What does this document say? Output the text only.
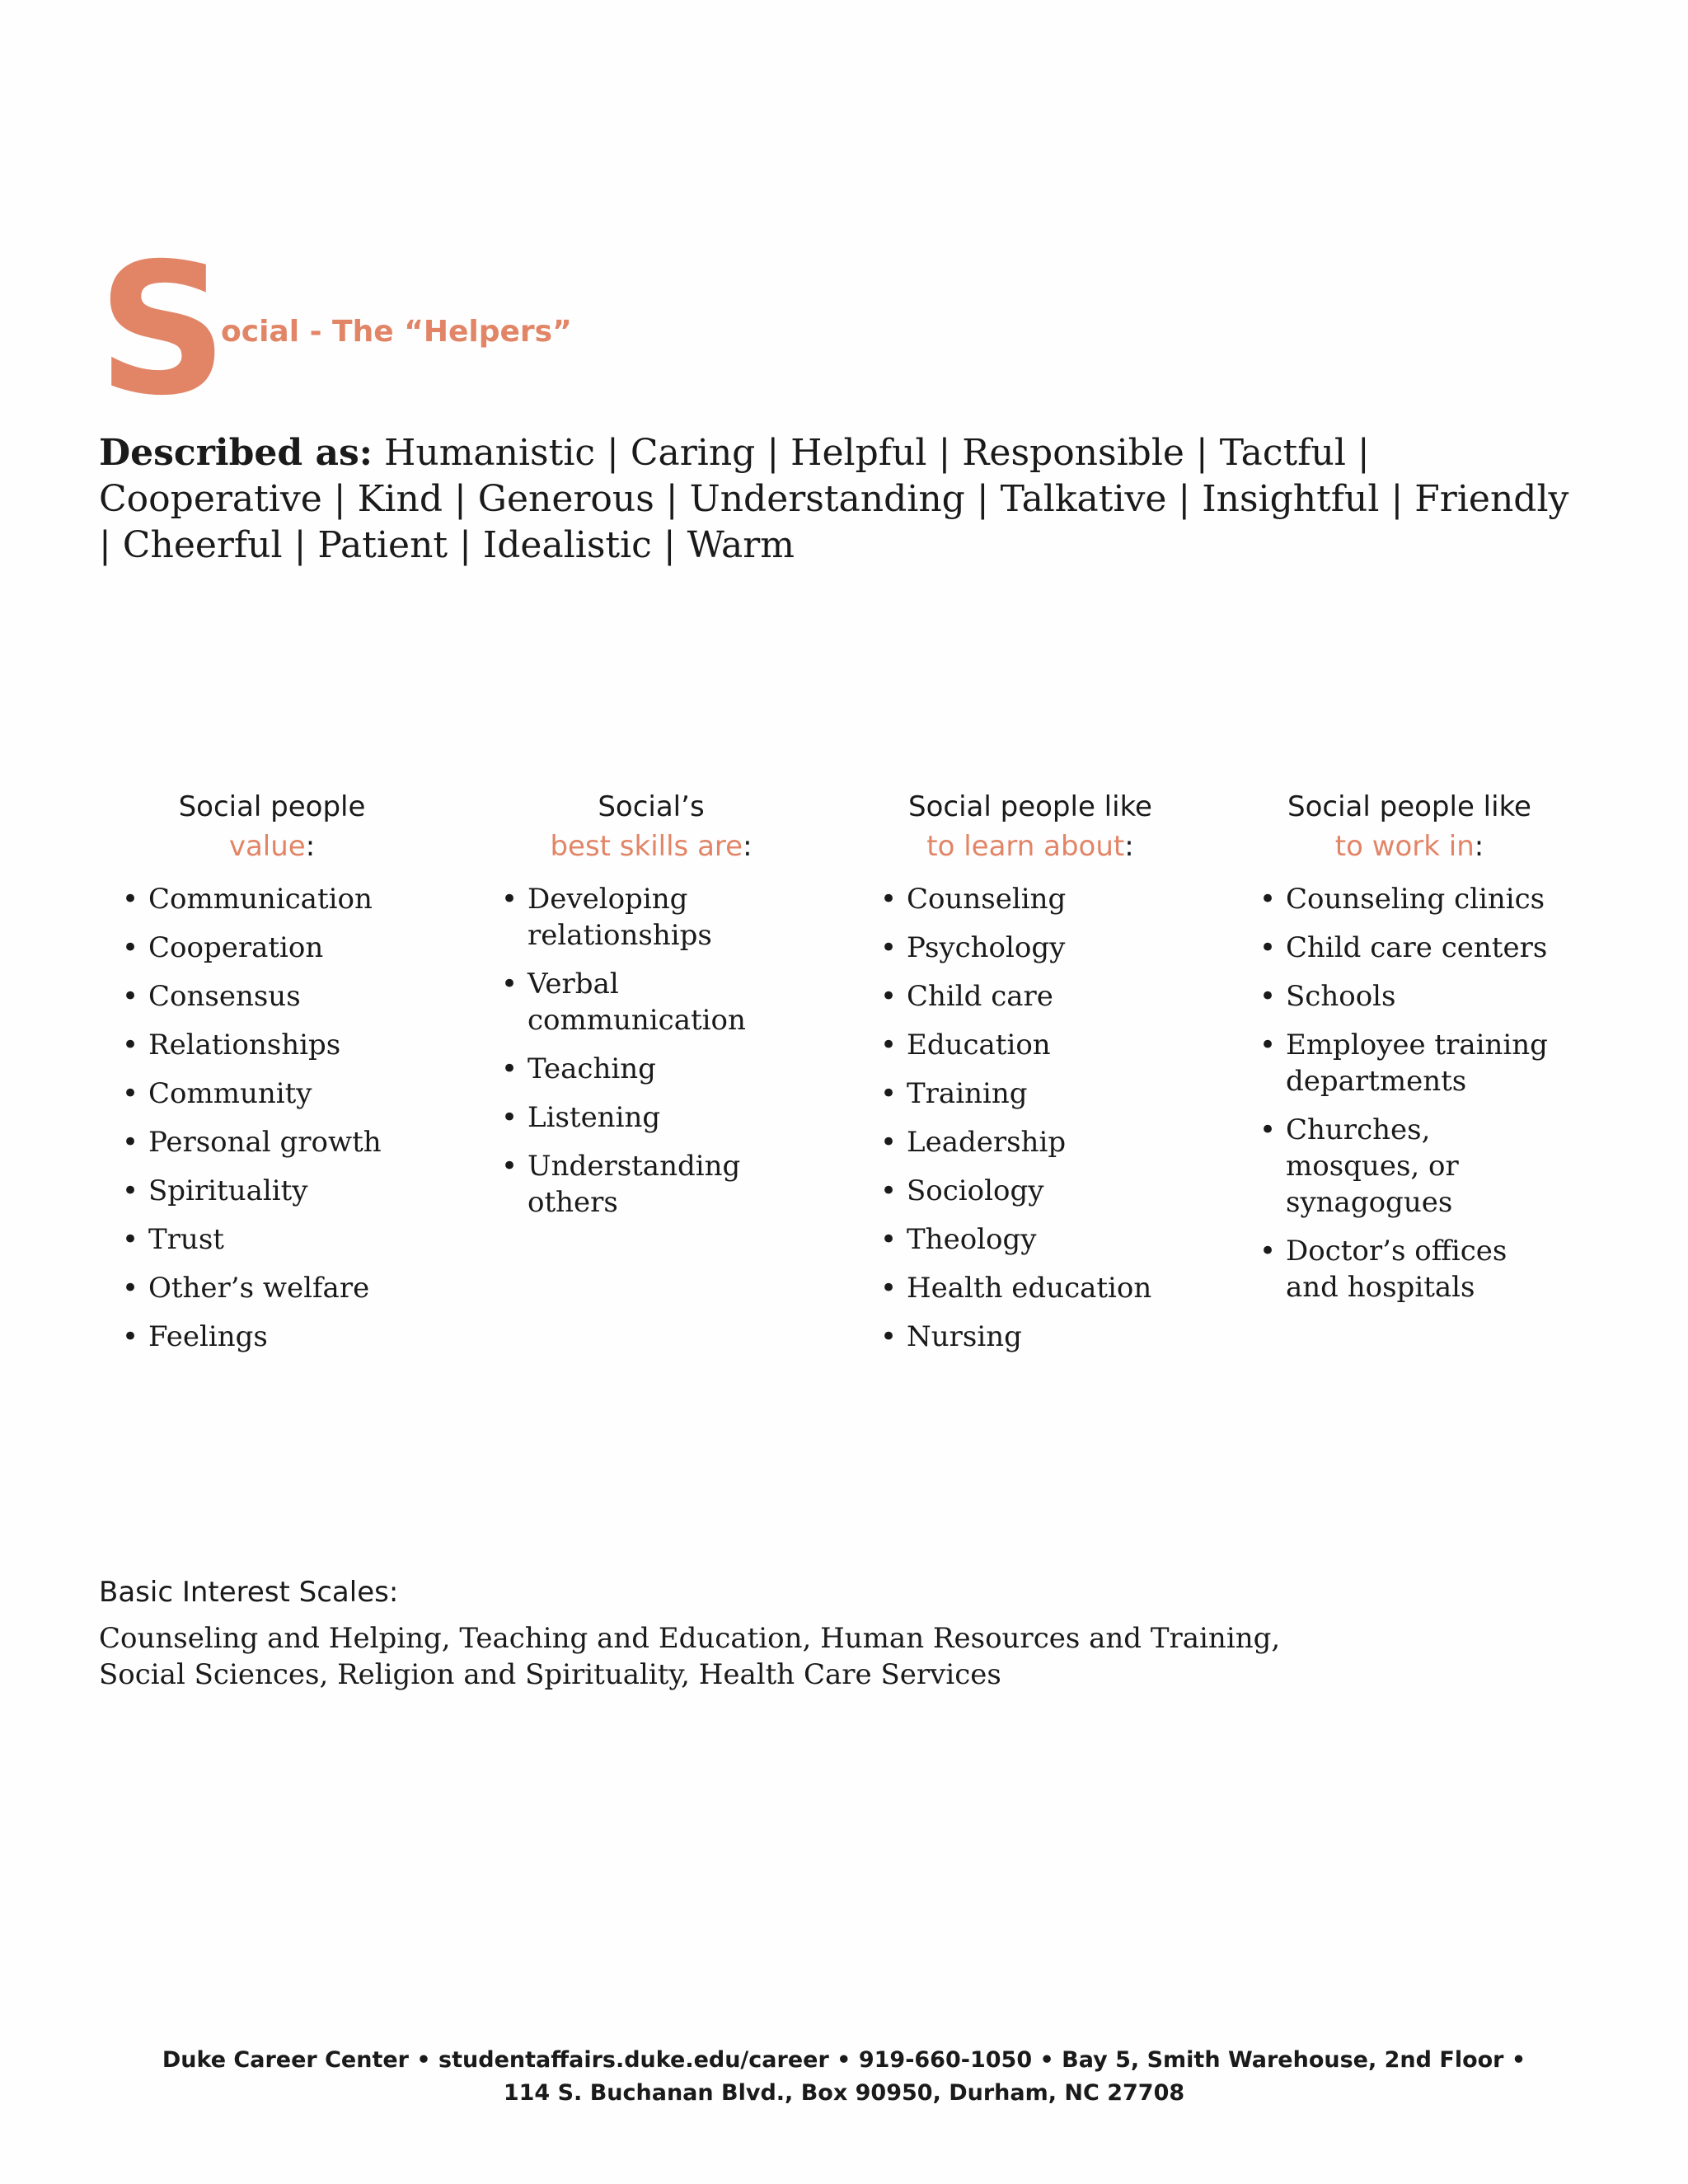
S
ocial - The “Helpers”
Described as: Humanistic | Caring | Helpful | Responsible | Tactful | Cooperative | Kind | Generous | Understanding | Talkative | Insightful | Friendly | Cheerful | Patient | Idealistic | Warm
Social people
value:
• Communication
• Cooperation
• Consensus
• Relationships
• Community
• Personal growth
• Spirituality
• Trust
• Other’s welfare
• Feelings
Social’s
best skills are:
• Developing relationships
• Verbal communication
• Teaching
• Listening
• Understanding others
Social people like
to learn about:
• Counseling
• Psychology
• Child care
• Education
• Training
• Leadership
• Sociology
• Theology
• Health education
• Nursing
Social people like
to work in:
• Counseling clinics
• Child care centers
• Schools
• Employee training departments
• Churches, mosques, or synagogues
• Doctor’s offices and hospitals
Basic Interest Scales:
Counseling and Helping, Teaching and Education, Human Resources and Training, Social Sciences, Religion and Spirituality, Health Care Services
Duke Career Center • studentaffairs.duke.edu/career • 919-660-1050 • Bay 5, Smith Warehouse, 2nd Floor •
114 S. Buchanan Blvd., Box 90950, Durham, NC 27708
